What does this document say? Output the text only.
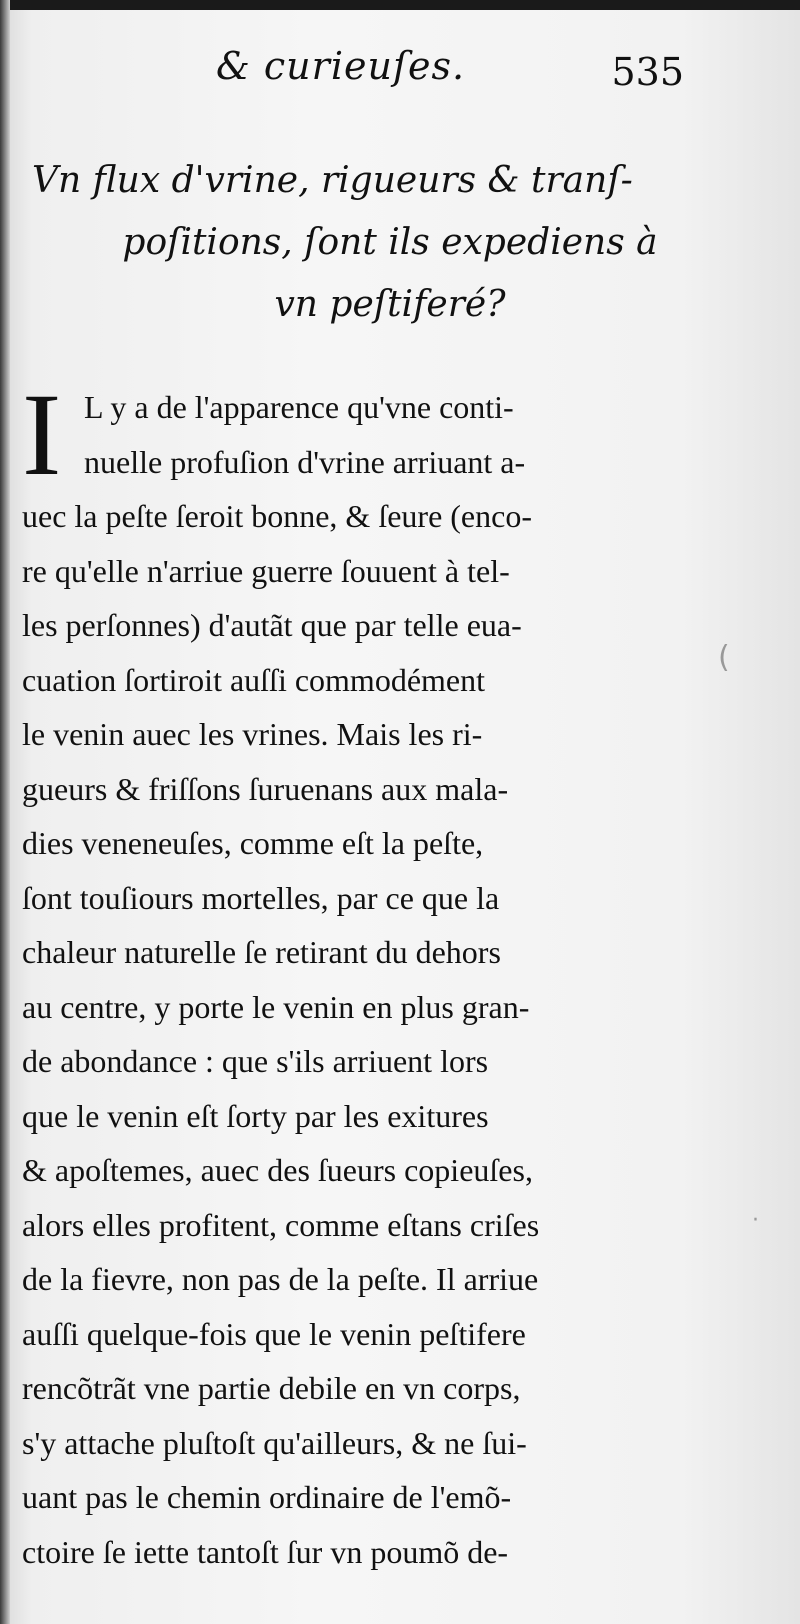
& curieuſes.	535
Vn flux d'vrine, rigueurs & tranſ-
poſitions, ſont ils expediens à
vn peſtiferé?
I L y a de l'apparence qu'vne conti-
nuelle profuſion d'vrine arriuant a-
uec la peſte ſeroit bonne, & ſeure (enco-
re qu'elle n'arriue guerre ſouuent à tel-
les perſonnes) d'autãt que par telle eua-
cuation ſortiroit auſſi commodément
le venin auec les vrines. Mais les ri-
gueurs & friſſons ſuruenans aux mala-
dies veneneuſes, comme eſt la peſte,
ſont touſiours mortelles, par ce que la
chaleur naturelle ſe retirant du dehors
au centre, y porte le venin en plus gran-
de abondance : que s'ils arriuent lors
que le venin eſt ſorty par les exitures
& apoſtemes, auec des ſueurs copieuſes,
alors elles profitent, comme eſtans criſes
de la fievre, non pas de la peſte. Il arriue
auſſi quelque-fois que le venin peſtifere
rencõtrãt vne partie debile en vn corps,
s'y attache pluſtoſt qu'ailleurs, & ne ſui-
uant pas le chemin ordinaire de l'emõ-
ctoire ſe iette tantoſt ſur vn poumõ de-
(
·
